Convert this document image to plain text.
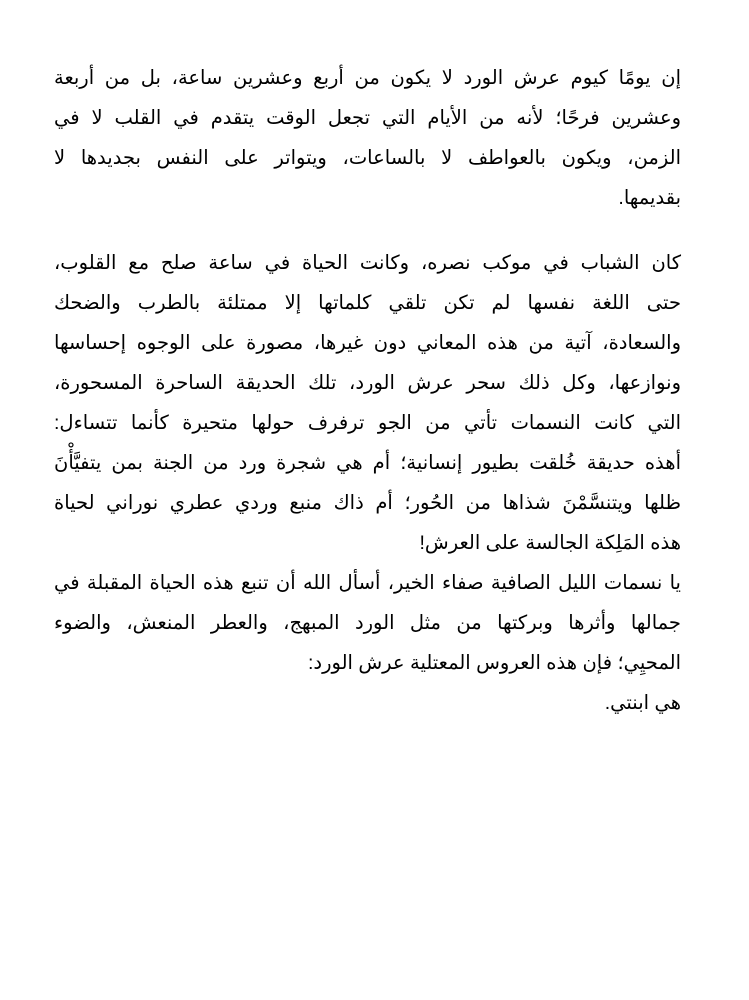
إن يومًا كيوم عرش الورد لا يكون من أربع وعشرين ساعة، بل من أربعة
وعشرين فرحًا؛ لأنه من الأيام التي تجعل الوقت يتقدم في القلب لا في
الزمن، ويكون بالعواطف لا بالساعات، ويتواتر على النفس بجديدها لا
بقديمها.
كان الشباب في موكب نصره، وكانت الحياة في ساعة صلح مع القلوب،
حتى اللغة نفسها لم تكن تلقي كلماتها إلا ممتلئة بالطرب والضحك
والسعادة، آتية من هذه المعاني دون غيرها، مصورة على الوجوه إحساسها
ونوازعها، وكل ذلك سحر عرش الورد، تلك الحديقة الساحرة المسحورة،
التي كانت النسمات تأتي من الجو ترفرف حولها متحيرة كأنما تتساءل:
أهذه حديقة خُلقت بطيور إنسانية؛ أم هي شجرة ورد من الجنة بمن يتفيَّأْنَ
ظلها ويتنسَّمْنَ شذاها من الحُور؛ أم ذاك منبع وردي عطري نوراني لحياة
هذه المَلِكة الجالسة على العرش!
يا نسمات الليل الصافية صفاء الخير، أسأل الله أن تنبع هذه الحياة المقبلة في
جمالها وأثرها وبركتها من مثل الورد المبهج، والعطر المنعش، والضوء
المحيِي؛ فإن هذه العروس المعتلية عرش الورد:
هي ابنتي.
